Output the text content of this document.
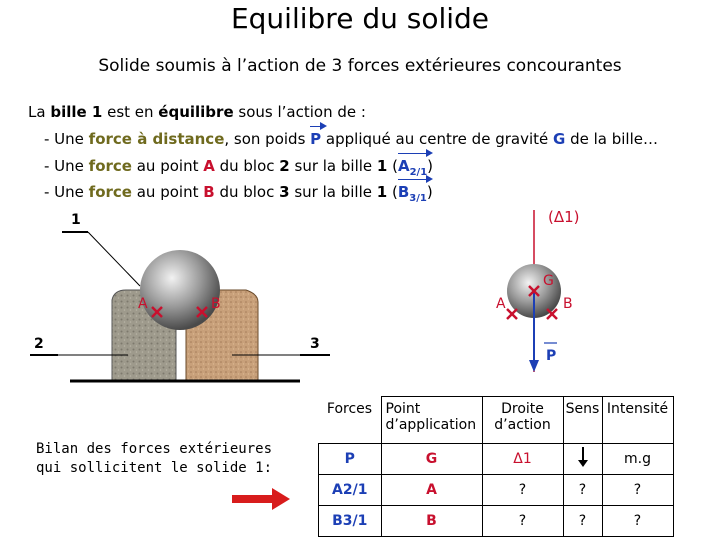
Equilibre du solide
Solide soumis à l’action de 3 forces extérieures concourantes
La bille 1 est en équilibre sous l’action de :
- Une force à distance, son poids P appliqué au centre de gravité G de la bille…
- Une force au point A du bloc 2 sur la bille 1 $(A_{2/1})$
- Une force au point B du bloc 3 sur la bille 1 $(B_{3/1})$
1
2	3
A	B
(Δ1)
P
G
A	B
Bilan des forces extérieures qui sollicitent le solide 1:
Forces	Point d’application	Droite d’action	Sens	Intensité
P	G	Δ1		m.g
A2/1	A	?	?	?
B3/1	B	?	?	?
